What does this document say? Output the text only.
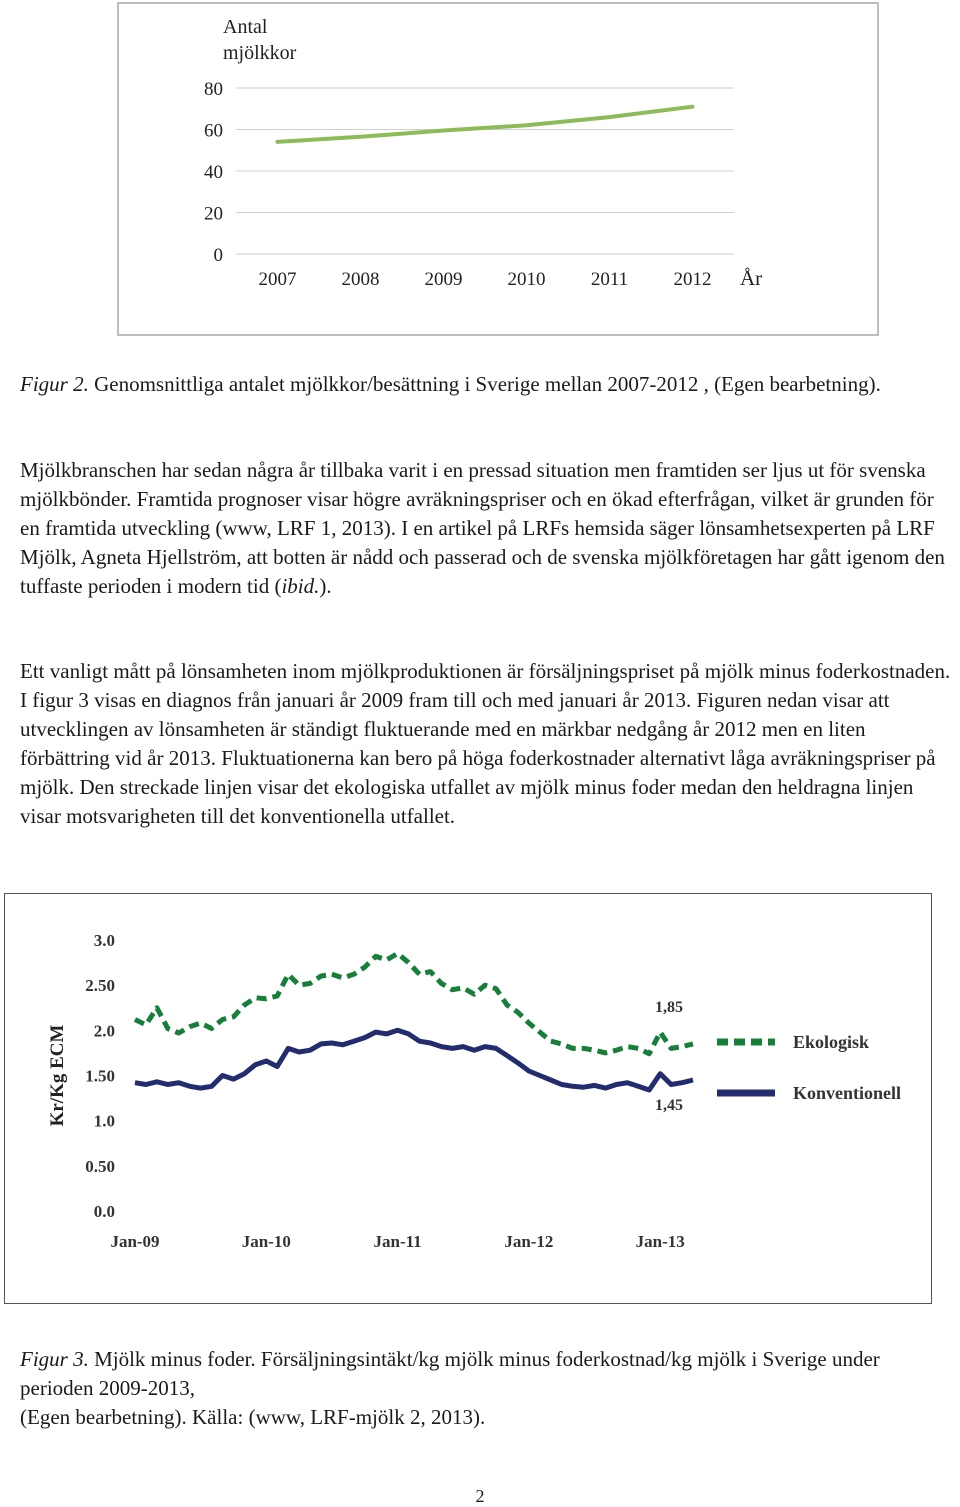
0
20
40
60
80
2007 2008 2009 2010 2011 2012
Antal
mjölkkor
År

Figur 2. Genomsnittliga antalet mjölkkor/besättning i Sverige mellan 2007-2012 , (Egen bearbetning).

Mjölkbranschen har sedan några år tillbaka varit i en pressad situation men framtiden ser ljus ut för svenska mjölkbönder. Framtida prognoser visar högre avräkningspriser och en ökad efterfrågan, vilket är grunden för en framtida utveckling (www, LRF 1, 2013). I en artikel på LRFs hemsida säger lönsamhetsexperten på LRF Mjölk, Agneta Hjellström, att botten är nådd och passerad och de svenska mjölkföretagen har gått igenom den tuffaste perioden i modern tid (ibid.).

Ett vanligt mått på lönsamheten inom mjölkproduktionen är försäljningspriset på mjölk minus foderkostnaden. I figur 3 visas en diagnos från januari år 2009 fram till och med januari år 2013. Figuren nedan visar att utvecklingen av lönsamheten är ständigt fluktuerande med en märkbar nedgång år 2012 men en liten förbättring vid år 2013. Fluktuationerna kan bero på höga foderkostnader alternativt låga avräkningspriser på mjölk. Den streckade linjen visar det ekologiska utfallet av mjölk minus foder medan den heldragna linjen visar motsvarigheten till det konventionella utfallet.

3.0
2.50
2.0
1.50
1.0
0.50
0.0
Jan-09	Jan-10	Jan-11	Jan-12	Jan-13
Kr/Kg ECM
1,85
Ekologisk
1,45
Konventionell

Figur 3. Mjölk minus foder. Försäljningsintäkt/kg mjölk minus foderkostnad/kg mjölk i Sverige under perioden 2009-2013,
(Egen bearbetning). Källa: (www, LRF-mjölk 2, 2013).

2
